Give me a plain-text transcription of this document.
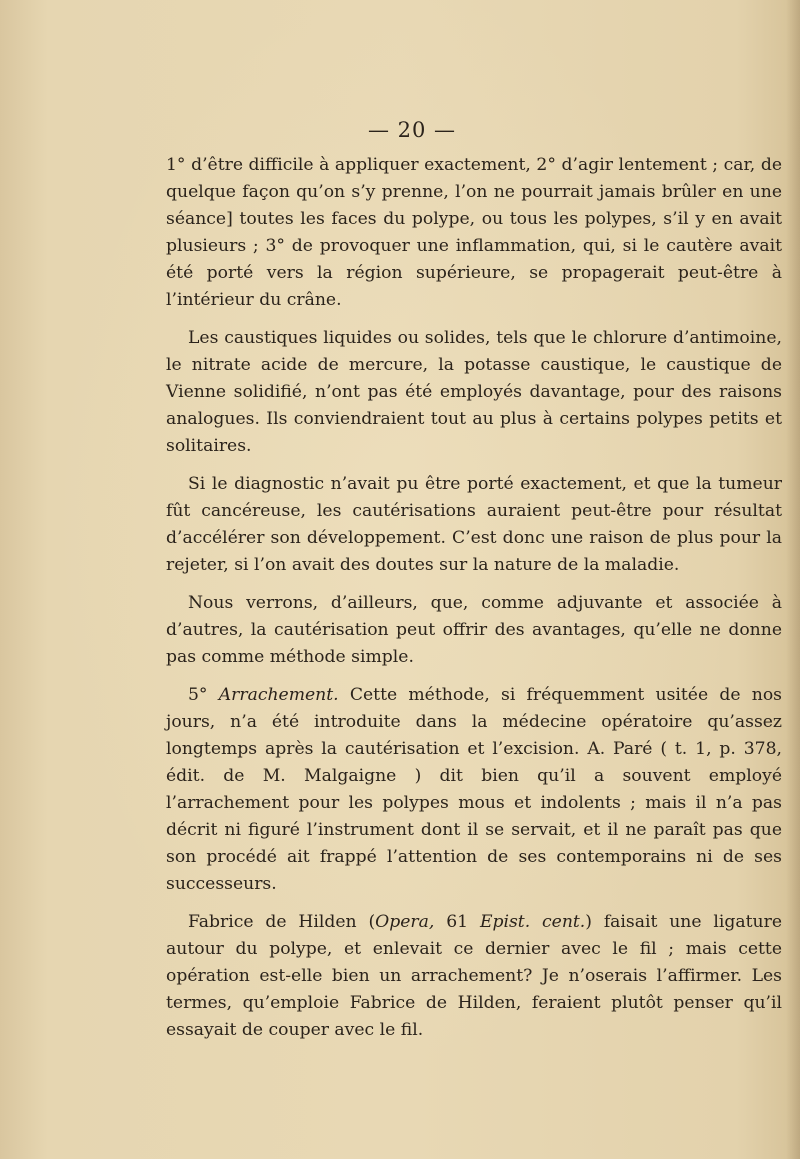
— 20 —

1° d’être difficile à appliquer exactement, 2° d’agir lentement ; car, de quelque façon qu’on s’y prenne, l’on ne pourrait jamais brûler en une séance] toutes les faces du polype, ou tous les polypes, s’il y en avait plusieurs ; 3° de provoquer une inflammation, qui, si le cautère avait été porté vers la région supérieure, se propagerait peut-être à l’intérieur du crâne.

Les caustiques liquides ou solides, tels que le chlorure d’antimoine, le nitrate acide de mercure, la potasse caustique, le caustique de Vienne solidifié, n’ont pas été employés davantage, pour des raisons analogues. Ils conviendraient tout au plus à certains polypes petits et solitaires.

Si le diagnostic n’avait pu être porté exactement, et que la tumeur fût cancéreuse, les cautérisations auraient peut-être pour résultat d’accélérer son développement. C’est donc une raison de plus pour la rejeter, si l’on avait des doutes sur la nature de la maladie.

Nous verrons, d’ailleurs, que, comme adjuvante et associée à d’autres, la cautérisation peut offrir des avantages, qu’elle ne donne pas comme méthode simple.

5° Arrachement. Cette méthode, si fréquemment usitée de nos jours, n’a été introduite dans la médecine opératoire qu’assez longtemps après la cautérisation et l’excision. A. Paré ( t. 1, p. 378, édit. de M. Malgaigne ) dit bien qu’il a souvent employé l’arrachement pour les polypes mous et indolents ; mais il n’a pas décrit ni figuré l’instrument dont il se servait, et il ne paraît pas que son procédé ait frappé l’attention de ses contemporains ni de ses successeurs.

Fabrice de Hilden (Opera, 61 Epist. cent.) faisait une ligature autour du polype, et enlevait ce dernier avec le fil ; mais cette opération est-elle bien un arrachement? Je n’oserais l’affirmer. Les termes, qu’emploie Fabrice de Hilden, feraient plutôt penser qu’il essayait de couper avec le fil.
